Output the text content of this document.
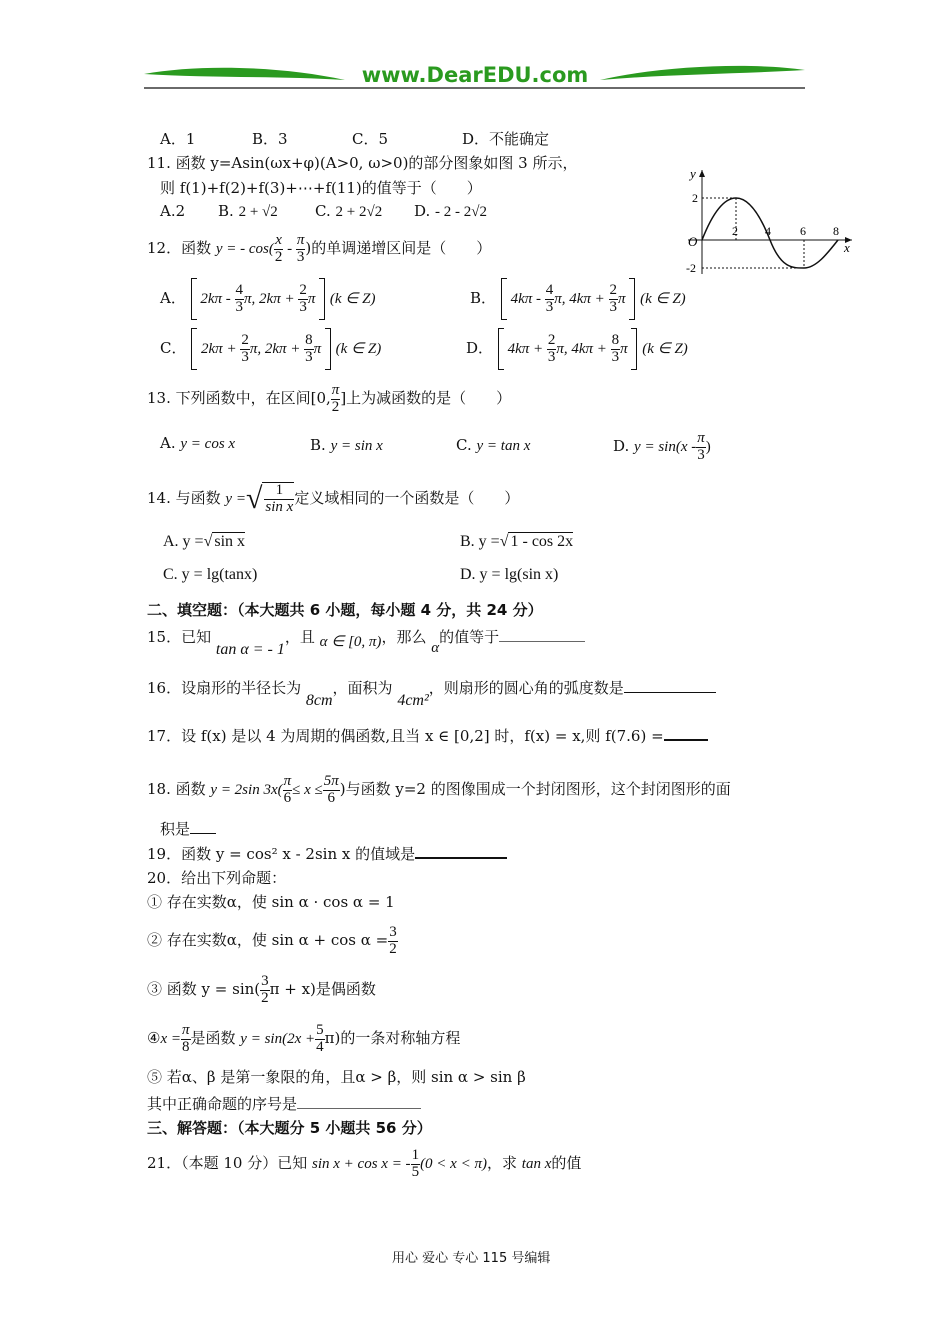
www.DearEDU.com
A．1	B．3	C．5	D．不能确定
11. 函数 y=Asin(ωx+φ)(A>0, ω>0)的部分图象如图 3 所示，
则 f(1)+f(2)+f(3)+⋯+f(11)的值等于（　　）
A.2 B. 2 + √2 C. 2 + 2√2 D. - 2 - 2√2
y
x
O
2
-2
2 4 6 8
12．函数 y = - $\cos( \frac{x}{2} - \frac{\pi}{3}$ )的单调递增区间是（　　）
A．  $2k\pi - \frac{4}{3} \pi$, $2k\pi + \frac{2}{3}$ π  (k ∈ Z)	B．  $4k\pi - \frac{4}{3} \pi$, $4k\pi + \frac{2}{3}$ π  (k ∈ Z)
C．  $2k\pi + \frac{2}{3} \pi$, $2k\pi + \frac{8}{3}$ π  (k ∈ Z)	D．  $4k\pi + \frac{2}{3} \pi$, $4k\pi + \frac{8}{3}$ π  (k ∈ Z)
13. 下列函数中，在区间[0, $\frac{\pi}{2}$ ]上为减函数的是（　　）
A. y = cos x	B. y = sin x	C. y = tan x	D. $y = \sin(x - \frac{\pi}{3}$ )
14. 与函数 y =√ $\frac{1}{\text{sin x}}$ 定义域相同的一个函数是（　　）
A. y =√ sin x	B. y =√ 1 - cos 2x
C. y = lg(tanx)	D. y = lg(sin x)
二、填空题：（本大题共 6 小题，每小题 4 分，共 24 分）
15．已知 tan α = - 1，且 α ∈ [0, π)，那么 α的值等于
16．设扇形的半径长为 8cm，面积为 4cm²，则扇形的圆心角的弧度数是
17．设 f(x) 是以 4 为周期的偶函数,且当 x ∈ [0,2] 时，f(x) = x,则 f(7.6) =
18. 函数 y = 2sin $3x( \frac{\pi}{6} \le x \le \frac{5\pi}{6}$ )与函数 y=2 的图像围成一个封闭图形，这个封闭图形的面
积是
19．函数 y = cos² x - 2sin x 的值域是
20．给出下列命题：
① 存在实数α，使 sin α · cos α = 1
② 存在实数α，使 $\sin \alpha + \cos \alpha = \frac{3}{2}$
③ 函数 $y = \sin( \frac{3}{2}$ π + x)是偶函数
④x = $\frac{\pi}{8}$ 是函数 $y = \sin(2x + \frac{5}{4} \pi)$的一条对称轴方程
⑤ 若α、β 是第一象限的角，且α > β，则 sin α > sin β
其中正确命题的序号是
三、解答题：（本大题分 5 小题共 56 分）
21．（本题 10 分）已知 sin x + cos x = - $\frac{1}{5} (0 < x < \pi)$，求 tan x的值
用心 爱心 专心 115 号编辑
